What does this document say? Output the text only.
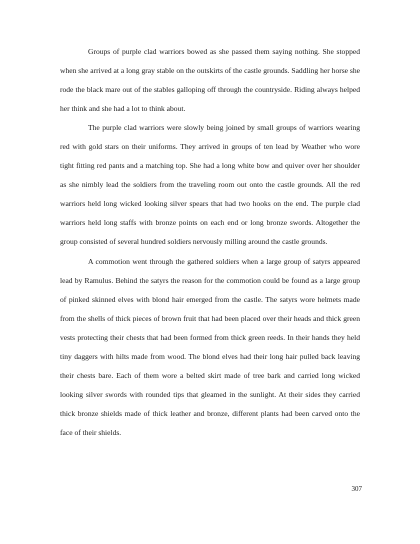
Groups of purple clad warriors bowed as she passed them saying nothing. She stopped when she arrived at a long gray stable on the outskirts of the castle grounds. Saddling her horse she rode the black mare out of the stables galloping off through the countryside. Riding always helped her think and she had a lot to think about.

The purple clad warriors were slowly being joined by small groups of warriors wearing red with gold stars on their uniforms. They arrived in groups of ten lead by Weather who wore tight fitting red pants and a matching top. She had a long white bow and quiver over her shoulder as she nimbly lead the soldiers from the traveling room out onto the castle grounds. All the red warriors held long wicked looking silver spears that had two hooks on the end. The purple clad warriors held long staffs with bronze points on each end or long bronze swords. Altogether the group consisted of several hundred soldiers nervously milling around the castle grounds.

A commotion went through the gathered soldiers when a large group of satyrs appeared lead by Ramulus. Behind the satyrs the reason for the commotion could be found as a large group of pinked skinned elves with blond hair emerged from the castle. The satyrs wore helmets made from the shells of thick pieces of brown fruit that had been placed over their heads and thick green vests protecting their chests that had been formed from thick green reeds. In their hands they held tiny daggers with hilts made from wood. The blond elves had their long hair pulled back leaving their chests bare. Each of them wore a belted skirt made of tree bark and carried long wicked looking silver swords with rounded tips that gleamed in the sunlight. At their sides they carried thick bronze shields made of thick leather and bronze, different plants had been carved onto the face of their shields.

307
